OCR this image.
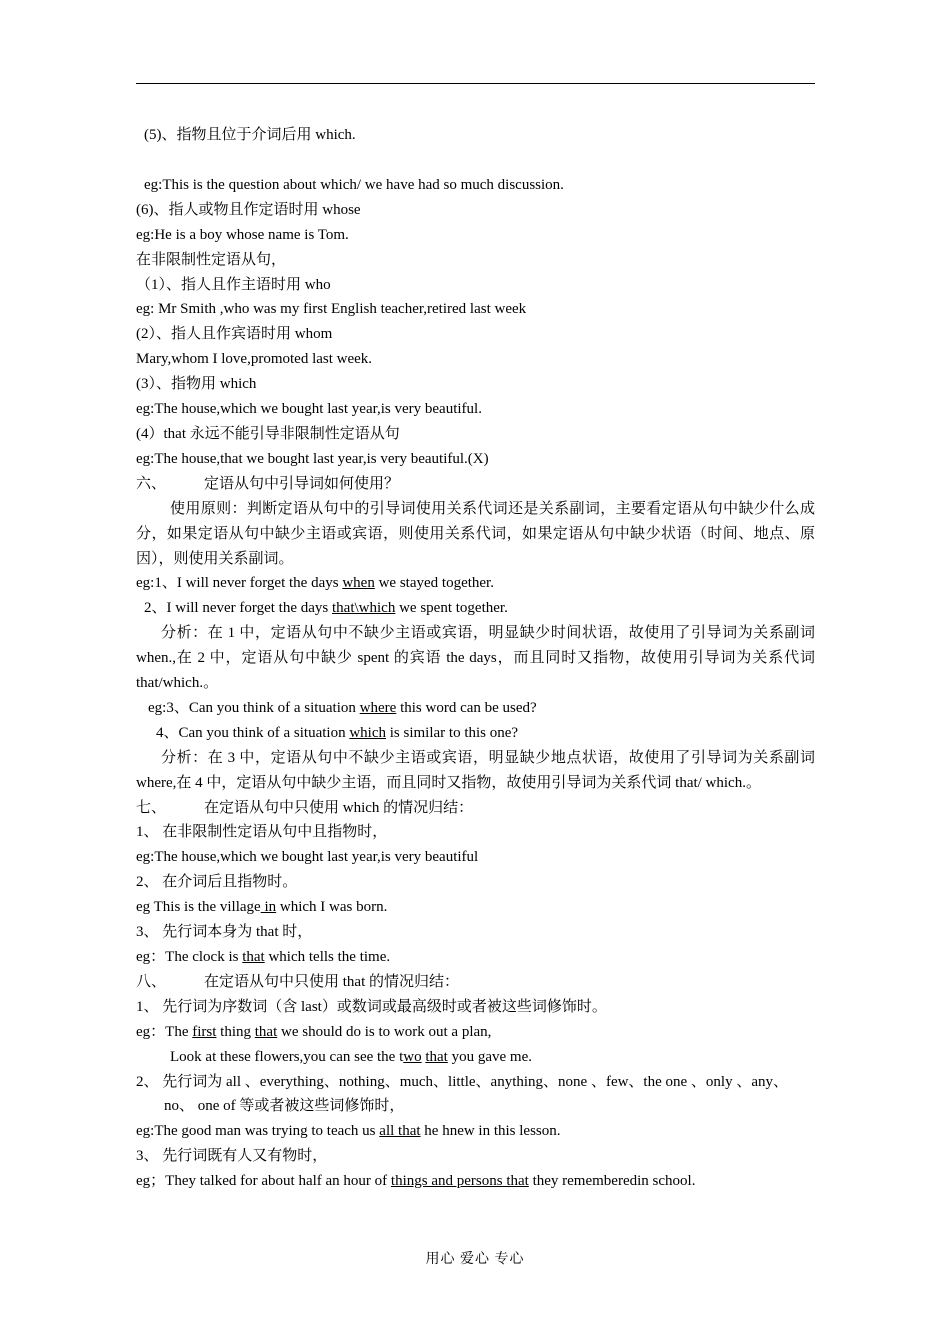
(5)、指物且位于介词后用 which.

eg:This is the question about which/ we have had so much discussion.

(6)、指人或物且作定语时用 whose

eg:He is a boy whose name is Tom.

在非限制性定语从句，

（1）、指人且作主语时用 who

eg: Mr Smith ,who was my first English teacher,retired last week

(2）、指人且作宾语时用 whom

Mary,whom I love,promoted last week.

(3）、指物用 which

eg:The house,which we bought last year,is very beautiful.

(4）that 永远不能引导非限制性定语从句

eg:The house,that we bought last year,is very beautiful.(X)

六、	定语从句中引导词如何使用？

使用原则：判断定语从句中的引导词使用关系代词还是关系副词，主要看定语从句中缺少什么成分，如果定语从句中缺少主语或宾语，则使用关系代词，如果定语从句中缺少状语（时间、地点、原因），则使用关系副词。

eg:1、I will never forget the days when we stayed together.

2、I will never forget the days that\which we spent together.

分析：在 1 中，定语从句中不缺少主语或宾语，明显缺少时间状语，故使用了引导词为关系副词 when.,在 2 中，定语从句中缺少 spent 的宾语 the days，而且同时又指物，故使用引导词为关系代词 that/which.。

eg:3、Can you think of a situation where this word can be used?

4、Can you think of a situation which is similar to this one?

分析：在 3 中，定语从句中不缺少主语或宾语，明显缺少地点状语，故使用了引导词为关系副词 where,在 4 中，定语从句中缺少主语，而且同时又指物，故使用引导词为关系代词 that/ which.。

七、	在定语从句中只使用 which 的情况归结：

1、 在非限制性定语从句中且指物时，

eg:The house,which we bought last year,is very beautiful

2、 在介词后且指物时。

eg This is the village in which I was born.

3、 先行词本身为 that 时，

eg：The clock is that which tells the time.

八、	在定语从句中只使用 that 的情况归结：

1、 先行词为序数词（含 last）或数词或最高级时或者被这些词修饰时。

eg：The first thing that we should do is to work out a plan,

Look at these flowers,you can see the two that you gave me.

2、 先行词为 all 、everything、nothing、much、little、anything、none 、few、the one 、only 、any、no、 one of 等或者被这些词修饰时，

eg:The good man was trying to teach us all that he hnew in this lesson.

3、 先行词既有人又有物时，

eg；They talked for about half an hour of things and persons that they rememberedin school.

用心 爱心 专心
